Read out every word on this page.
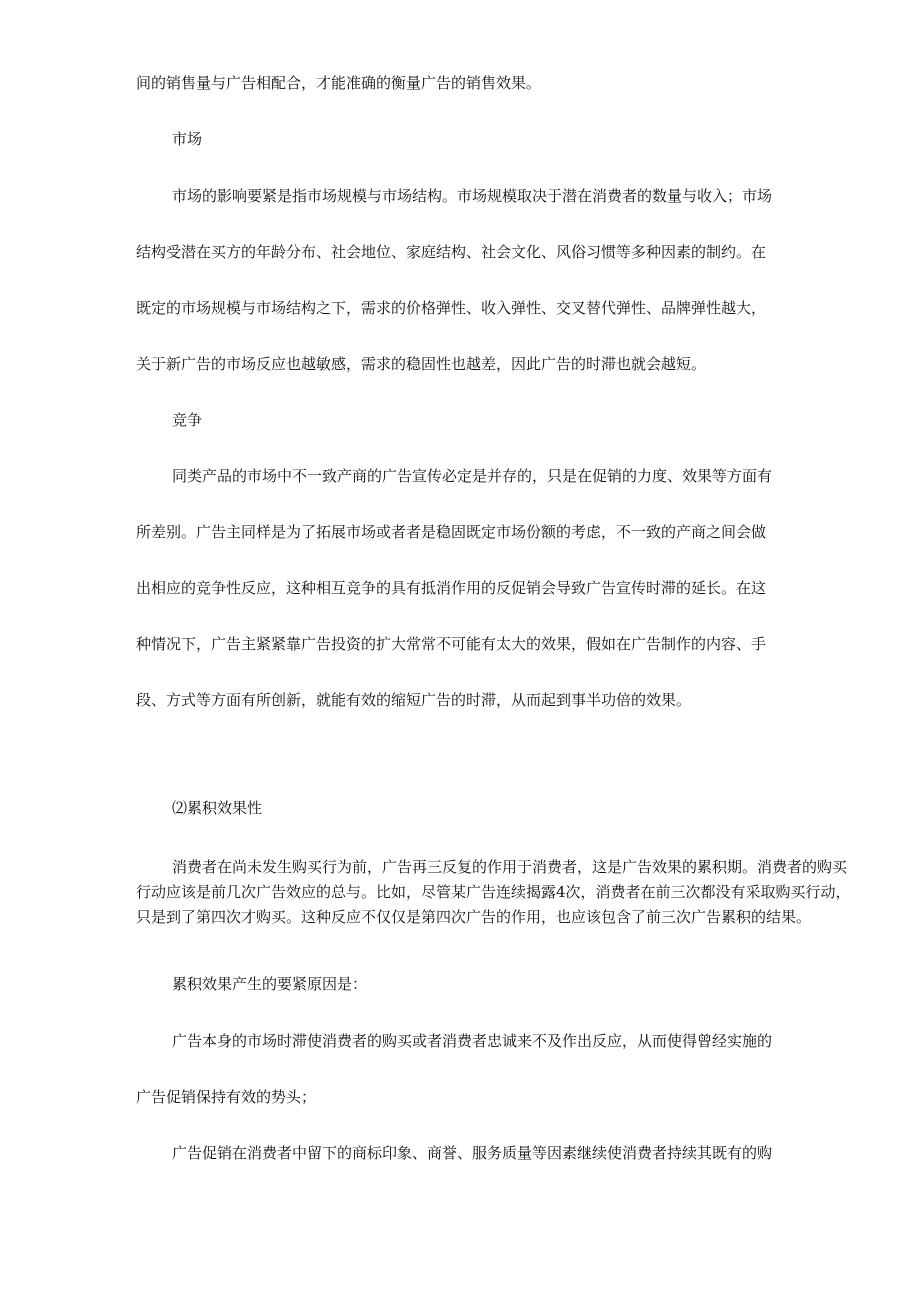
间的销售量与广告相配合，才能准确的衡量广告的销售效果。

市场

市场的影响要紧是指市场规模与市场结构。市场规模取决于潜在消费者的数量与收入；市场

结构受潜在买方的年龄分布、社会地位、家庭结构、社会文化、风俗习惯等多种因素的制约。在

既定的市场规模与市场结构之下，需求的价格弹性、收入弹性、交叉替代弹性、品牌弹性越大，

关于新广告的市场反应也越敏感，需求的稳固性也越差，因此广告的时滞也就会越短。

竞争

同类产品的市场中不一致产商的广告宣传必定是并存的，只是在促销的力度、效果等方面有

所差别。广告主同样是为了拓展市场或者者是稳固既定市场份额的考虑，不一致的产商之间会做

出相应的竞争性反应，这种相互竞争的具有抵消作用的反促销会导致广告宣传时滞的延长。在这

种情况下，广告主紧紧靠广告投资的扩大常常不可能有太大的效果，假如在广告制作的内容、手

段、方式等方面有所创新，就能有效的缩短广告的时滞，从而起到事半功倍的效果。

⑵累积效果性

消费者在尚未发生购买行为前，广告再三反复的作用于消费者，这是广告效果的累积期。消费者的购买行动应该是前几次广告效应的总与。比如，尽管某广告连续揭露4次，消费者在前三次都没有采取购买行动，只是到了第四次才购买。这种反应不仅仅是第四次广告的作用，也应该包含了前三次广告累积的结果。

累积效果产生的要紧原因是：

广告本身的市场时滞使消费者的购买或者消费者忠诚来不及作出反应，从而使得曾经实施的

广告促销保持有效的势头；

广告促销在消费者中留下的商标印象、商誉、服务质量等因素继续使消费者持续其既有的购
